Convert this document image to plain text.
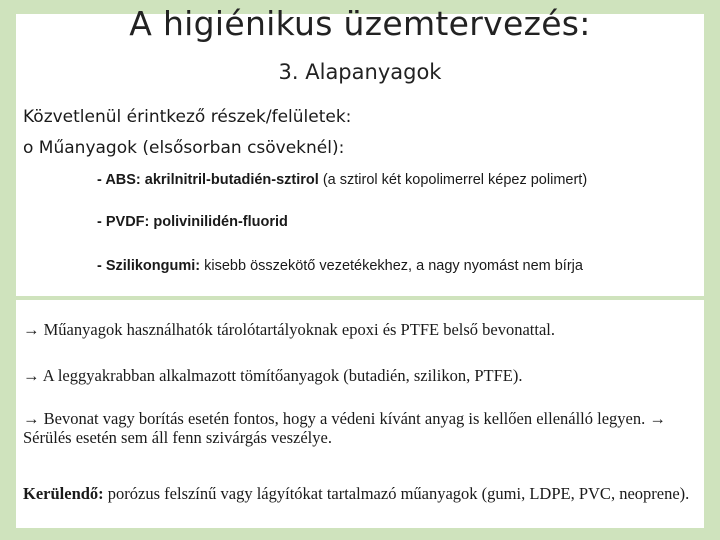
A higiénikus üzemtervezés:
3. Alapanyagok
Közvetlenül érintkező részek/felületek:
o Műanyagok (elsősorban csöveknél):
- ABS: akrilnitril-butadién-sztirol (a sztirol két kopolimerrel képez polimert)
- PVDF: polivinilidén-fluorid
- Szilikongumi: kisebb összekötő vezetékekhez, a nagy nyomást nem bírja
→ Műanyagok használhatók tárolótartályoknak epoxi és PTFE belső bevonattal.
→ A leggyakrabban alkalmazott tömítőanyagok (butadién, szilikon, PTFE).
→ Bevonat vagy borítás esetén fontos, hogy a védeni kívánt anyag is kellően ellenálló legyen. → Sérülés esetén sem áll fenn szivárgás veszélye.
Kerülendő: porózus felszínű vagy lágyítókat tartalmazó műanyagok (gumi, LDPE, PVC, neoprene).
